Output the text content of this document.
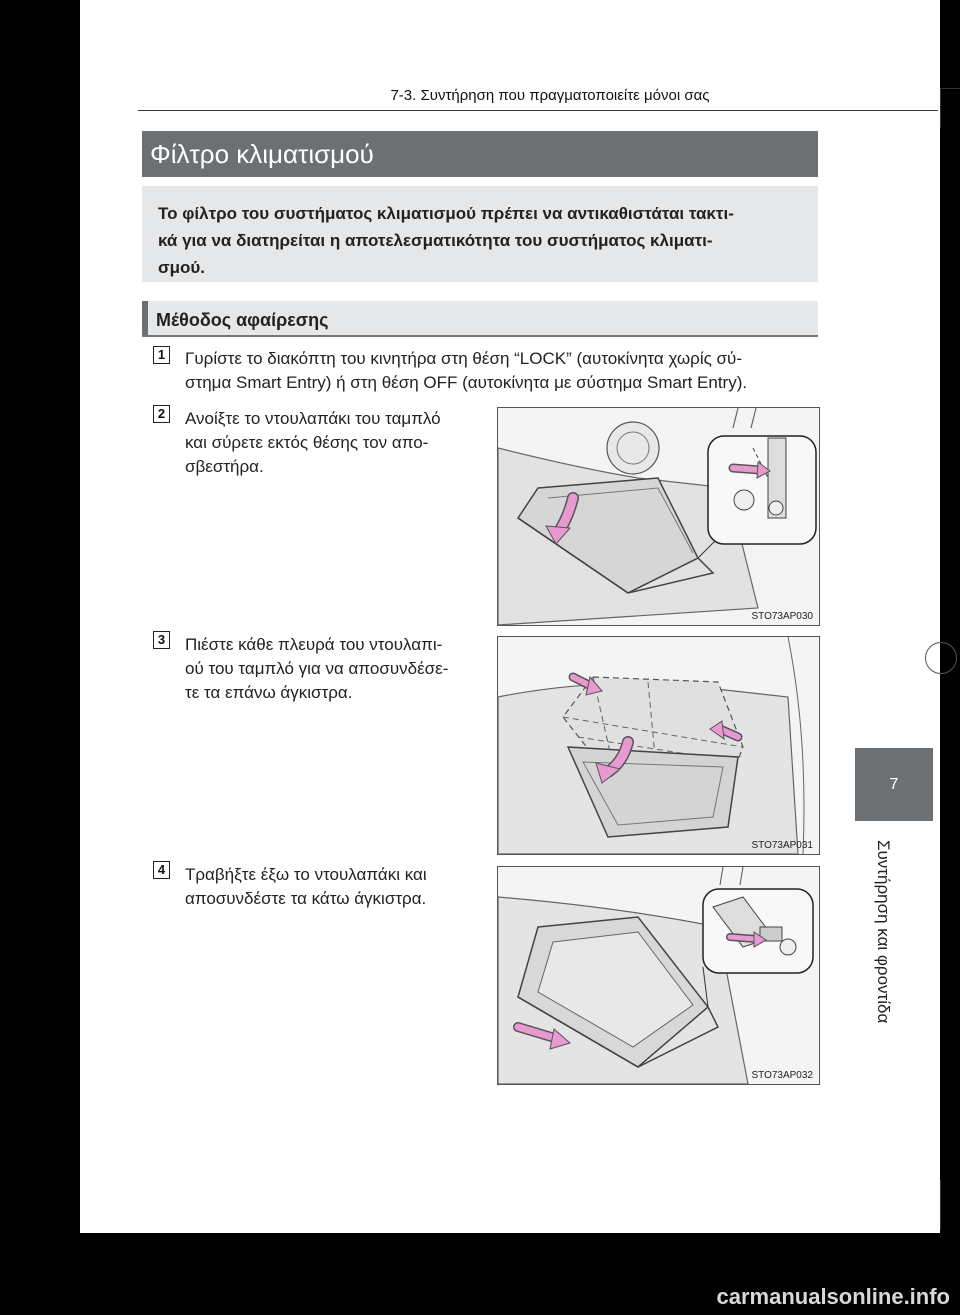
7-3. Συντήρηση που πραγματοποιείτε μόνοι σας
Φίλτρο κλιματισμού
Το φίλτρο του συστήματος κλιματισμού πρέπει να αντικαθιστάται τακτι-
κά για να διατηρείται η αποτελεσματικότητα του συστήματος κλιματι-
σμού.
Μέθοδος αφαίρεσης
1 Γυρίστε το διακόπτη του κινητήρα στη θέση “LOCK” (αυτοκίνητα χωρίς σύ-
στημα Smart Entry) ή στη θέση OFF (αυτοκίνητα με σύστημα Smart Entry).
2 Ανοίξτε το ντουλαπάκι του ταμπλό
και σύρετε εκτός θέσης τον απο-
σβεστήρα.
STO73AP030
3 Πιέστε κάθε πλευρά του ντουλαπι-
ού του ταμπλό για να αποσυνδέσε-
τε τα επάνω άγκιστρα.
STO73AP031
4 Τραβήξτε έξω το ντουλαπάκι και
αποσυνδέστε τα κάτω άγκιστρα.
STO73AP032
7
Συντήρηση και φροντίδα
carmanualsonline.info
